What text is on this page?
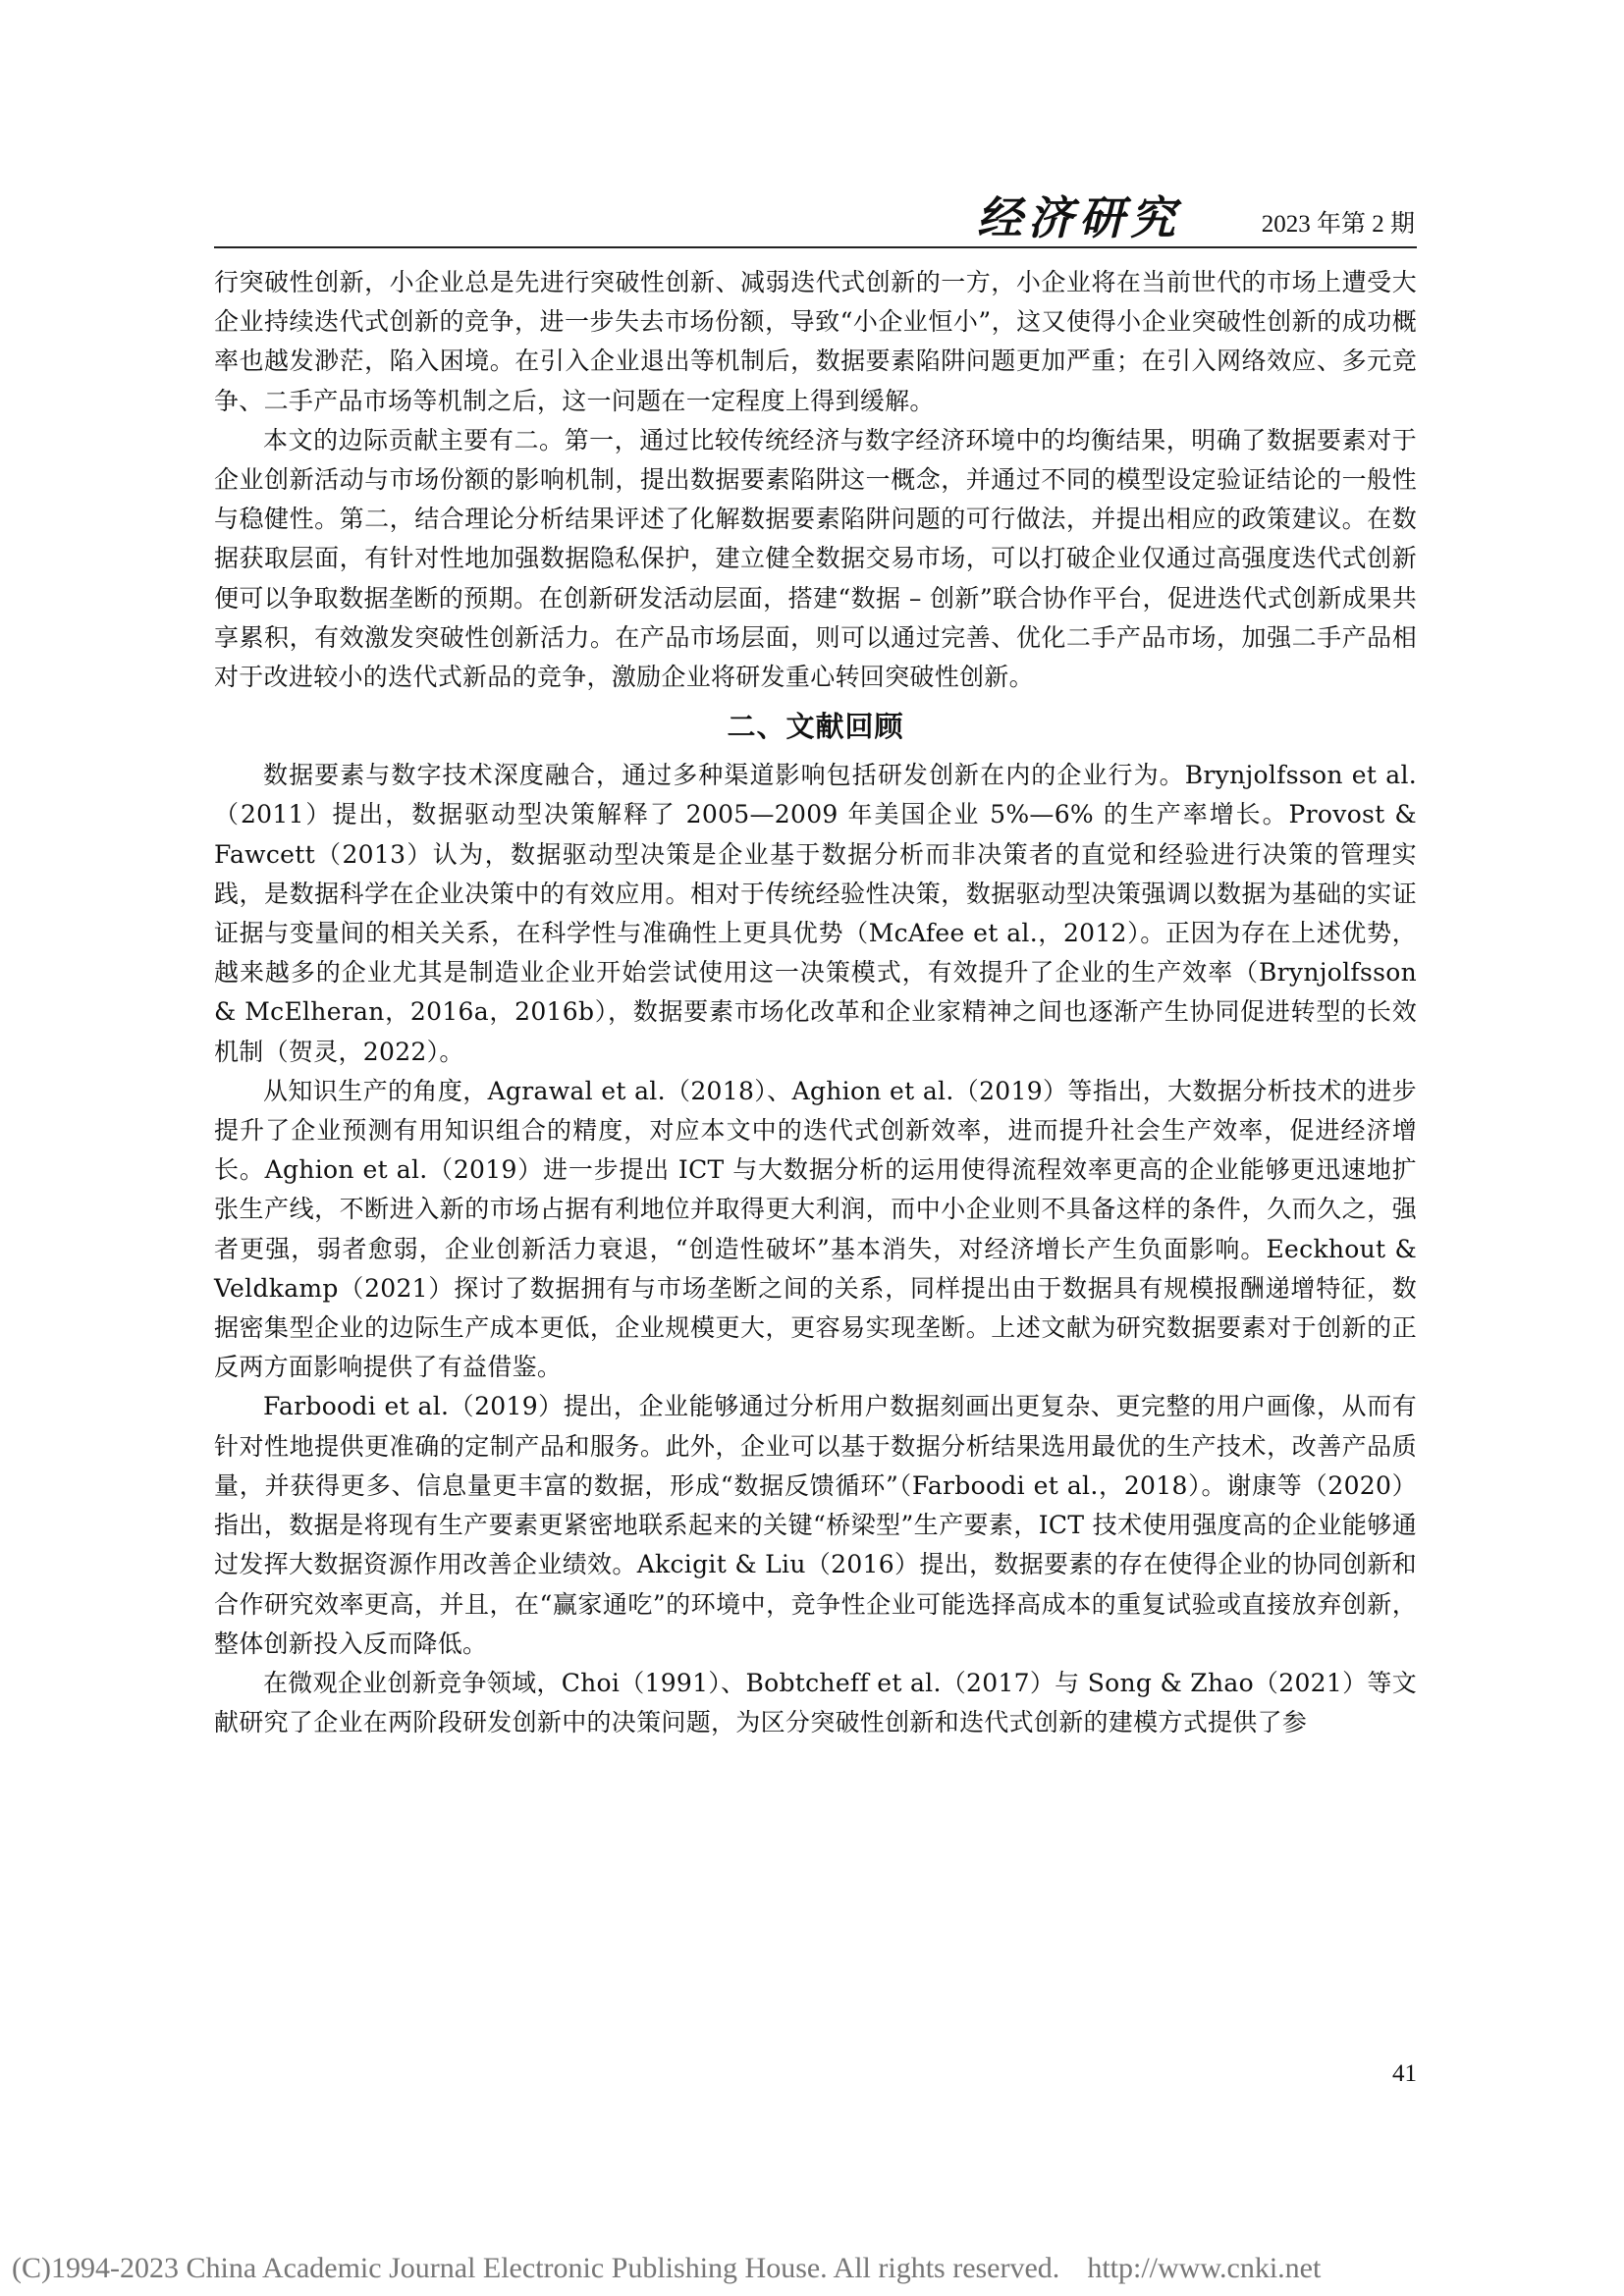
经济研究	2023 年第 2 期

行突破性创新，小企业总是先进行突破性创新、减弱迭代式创新的一方，小企业将在当前世代的市场上遭受大企业持续迭代式创新的竞争，进一步失去市场份额，导致“小企业恒小”，这又使得小企业突破性创新的成功概率也越发渺茫，陷入困境。在引入企业退出等机制后，数据要素陷阱问题更加严重；在引入网络效应、多元竞争、二手产品市场等机制之后，这一问题在一定程度上得到缓解。

本文的边际贡献主要有二。第一，通过比较传统经济与数字经济环境中的均衡结果，明确了数据要素对于企业创新活动与市场份额的影响机制，提出数据要素陷阱这一概念，并通过不同的模型设定验证结论的一般性与稳健性。第二，结合理论分析结果评述了化解数据要素陷阱问题的可行做法，并提出相应的政策建议。在数据获取层面，有针对性地加强数据隐私保护，建立健全数据交易市场，可以打破企业仅通过高强度迭代式创新便可以争取数据垄断的预期。在创新研发活动层面，搭建“数据 – 创新”联合协作平台，促进迭代式创新成果共享累积，有效激发突破性创新活力。在产品市场层面，则可以通过完善、优化二手产品市场，加强二手产品相对于改进较小的迭代式新品的竞争，激励企业将研发重心转回突破性创新。

二、文献回顾

数据要素与数字技术深度融合，通过多种渠道影响包括研发创新在内的企业行为。Brynjolfsson et al.（2011）提出，数据驱动型决策解释了 2005—2009 年美国企业 5%—6% 的生产率增长。Provost & Fawcett（2013）认为，数据驱动型决策是企业基于数据分析而非决策者的直觉和经验进行决策的管理实践，是数据科学在企业决策中的有效应用。相对于传统经验性决策，数据驱动型决策强调以数据为基础的实证证据与变量间的相关关系，在科学性与准确性上更具优势（McAfee et al.，2012）。正因为存在上述优势，越来越多的企业尤其是制造业企业开始尝试使用这一决策模式，有效提升了企业的生产效率（Brynjolfsson & McElheran，2016a，2016b），数据要素市场化改革和企业家精神之间也逐渐产生协同促进转型的长效机制（贺灵，2022）。

从知识生产的角度，Agrawal et al.（2018）、Aghion et al.（2019）等指出，大数据分析技术的进步提升了企业预测有用知识组合的精度，对应本文中的迭代式创新效率，进而提升社会生产效率，促进经济增长。Aghion et al.（2019）进一步提出 ICT 与大数据分析的运用使得流程效率更高的企业能够更迅速地扩张生产线，不断进入新的市场占据有利地位并取得更大利润，而中小企业则不具备这样的条件，久而久之，强者更强，弱者愈弱，企业创新活力衰退，“创造性破坏”基本消失，对经济增长产生负面影响。Eeckhout & Veldkamp（2021）探讨了数据拥有与市场垄断之间的关系，同样提出由于数据具有规模报酬递增特征，数据密集型企业的边际生产成本更低，企业规模更大，更容易实现垄断。上述文献为研究数据要素对于创新的正反两方面影响提供了有益借鉴。

Farboodi et al.（2019）提出，企业能够通过分析用户数据刻画出更复杂、更完整的用户画像，从而有针对性地提供更准确的定制产品和服务。此外，企业可以基于数据分析结果选用最优的生产技术，改善产品质量，并获得更多、信息量更丰富的数据，形成“数据反馈循环”（Farboodi et al.，2018）。谢康等（2020）指出，数据是将现有生产要素更紧密地联系起来的关键“桥梁型”生产要素，ICT 技术使用强度高的企业能够通过发挥大数据资源作用改善企业绩效。Akcigit & Liu（2016）提出，数据要素的存在使得企业的协同创新和合作研究效率更高，并且，在“赢家通吃”的环境中，竞争性企业可能选择高成本的重复试验或直接放弃创新，整体创新投入反而降低。

在微观企业创新竞争领域，Choi（1991）、Bobtcheff et al.（2017）与 Song & Zhao（2021）等文献研究了企业在两阶段研发创新中的决策问题，为区分突破性创新和迭代式创新的建模方式提供了参

41
(C)1994-2023 China Academic Journal Electronic Publishing House. All rights reserved. http://www.cnki.net
